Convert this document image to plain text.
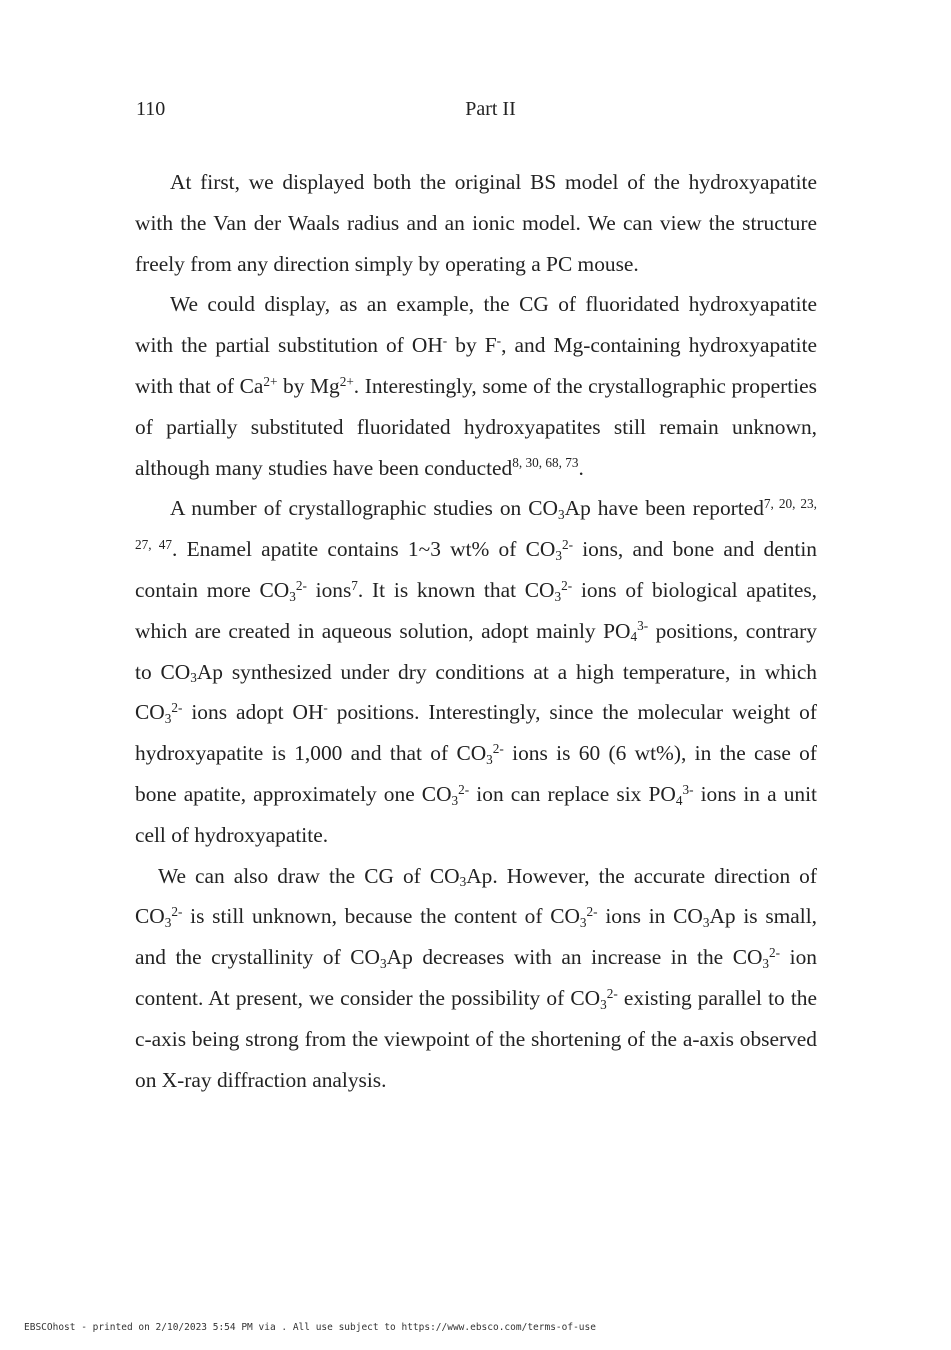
110	Part II

At first, we displayed both the original BS model of the hydroxyapatite with the Van der Waals radius and an ionic model. We can view the structure freely from any direction simply by operating a PC mouse.

We could display, as an example, the CG of fluoridated hydroxyapatite with the partial substitution of OH- by F-, and Mg-containing hydroxyapatite with that of $Ca^{2+}$ by $Mg^{2+}$. Interestingly, some of the crystallographic properties of partially substituted fluoridated hydroxyapatites still remain unknown, although many studies have been conducted$^{8, 30, 68, 73}$.

A number of crystallographic studies on $CO_3Ap$ have been reported$^{7, 20, 23, 27, 47}$. Enamel apatite contains 1~3 wt% of $CO_3^{2-}$ ions, and bone and dentin contain more $CO_3^{2-}$ ions$^7$. It is known that $CO_3^{2-}$ ions of biological apatites, which are created in aqueous solution, adopt mainly $PO_4^{3-}$ positions, contrary to $CO_3Ap$ synthesized under dry conditions at a high temperature, in which $CO_3^{2-}$ ions adopt OH- positions. Interestingly, since the molecular weight of hydroxyapatite is 1,000 and that of $CO_3^{2-}$ ions is 60 (6 wt%), in the case of bone apatite, approximately one $CO_3^{2-}$ ion can replace six $PO_4^{3-}$ ions in a unit cell of hydroxyapatite.

We can also draw the CG of $CO_3Ap$. However, the accurate direction of $CO_3^{2-}$ is still unknown, because the content of $CO_3^{2-}$ ions in $CO_3Ap$ is small, and the crystallinity of $CO_3Ap$ decreases with an increase in the $CO_3^{2-}$ ion content. At present, we consider the possibility of $CO_3^{2-}$ existing parallel to the c-axis being strong from the viewpoint of the shortening of the a-axis observed on X-ray diffraction analysis.

EBSCOhost - printed on 2/10/2023 5:54 PM via . All use subject to https://www.ebsco.com/terms-of-use
